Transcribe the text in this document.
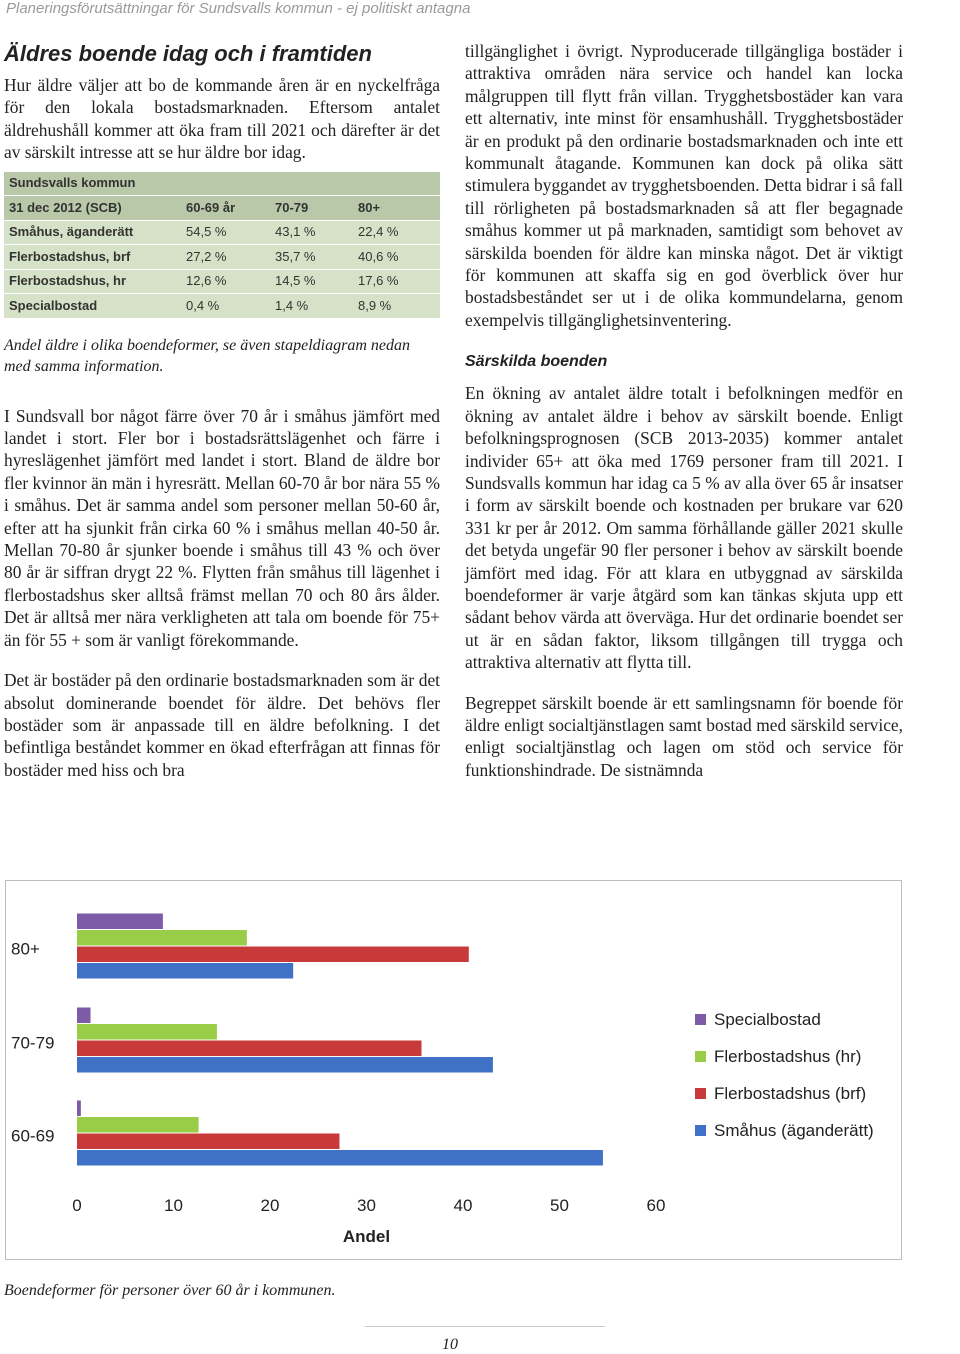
Planeringsförutsättningar för Sundsvalls kommun - ej politiskt antagna
Äldres boende idag och i framtiden

Hur äldre väljer att bo de kommande åren är en nyckelfråga för den lokala bostadsmarknaden. Eftersom antalet äldrehushåll kommer att öka fram till 2021 och därefter är det av särskilt intresse att se hur äldre bor idag.

Sundsvalls kommun			
31 dec 2012 (SCB)	60-69 år	70-79	80+
Småhus, äganderätt	54,5 %	43,1 %	22,4 %
Flerbostadshus, brf	27,2 %	35,7 %	40,6 %
Flerbostadshus, hr	12,6 %	14,5 %	17,6 %
Specialbostad	0,4 %	1,4 %	8,9 %

Andel äldre i olika boendeformer, se även stapeldiagram nedan med samma information.

I Sundsvall bor något färre över 70 år i småhus jämfört med landet i stort. Fler bor i bostadsrättslägenhet och färre i hyreslägenhet jämfört med landet i stort. Bland de äldre bor fler kvinnor än män i hyresrätt. Mellan 60-70 år bor nära 55 % i småhus. Det är samma andel som personer mellan 50-60 år, efter att ha sjunkit från cirka 60 % i småhus mellan 40-50 år. Mellan 70-80 år sjunker boende i småhus till 43 % och över 80 år är siffran drygt 22 %. Flytten från småhus till lägenhet i flerbostadshus sker alltså främst mellan 70 och 80 års ålder. Det är alltså mer nära verkligheten att tala om boende för 75+ än för 55 + som är vanligt förekommande.

Det är bostäder på den ordinarie bostadsmarknaden som är det absolut dominerande boendet för äldre. Det behövs fler bostäder som är anpassade till en äldre befolkning. I det befintliga beståndet kommer en ökad efterfrågan att finnas för bostäder med hiss och bra

tillgänglighet i övrigt. Nyproducerade tillgängliga bostäder i attraktiva områden nära service och handel kan locka målgruppen till flytt från villan. Trygghetsbostäder kan vara ett alternativ, inte minst för ensamhushåll. Trygghetsbostäder är en produkt på den ordinarie bostadsmarknaden och inte ett kommunalt åtagande. Kommunen kan dock på olika sätt stimulera byggandet av trygghetsboenden. Detta bidrar i så fall till rörligheten på bostadsmarknaden så att fler begagnade småhus kommer ut på marknaden, samtidigt som behovet av särskilda boenden för äldre kan minska något. Det är viktigt för kommunen att skaffa sig en god överblick över hur bostadsbeståndet ser ut i de olika kommundelarna, genom exempelvis tillgänglighetsinventering.

Särskilda boenden

En ökning av antalet äldre totalt i befolkningen medför en ökning av antalet äldre i behov av särskilt boende. Enligt befolkningsprognosen (SCB 2013-2035) kommer antalet individer 65+ att öka med 1769 personer fram till 2021. I Sundsvalls kommun har idag ca 5 % av alla över 65 år insatser i form av särskilt boende och kostnaden per brukare var 620 331 kr per år 2012. Om samma förhållande gäller 2021 skulle det betyda ungefär 90 fler personer i behov av särskilt boende jämfört med idag. För att klara en utbyggnad av särskilda boendeformer är varje åtgärd som kan tänkas skjuta upp ett sådant behov värda att överväga. Hur det ordinarie boendet ser ut är en sådan faktor, liksom tillgången till trygga och attraktiva alternativ att flytta till.

Begreppet särskilt boende är ett samlingsnamn för boende för äldre enligt socialtjänstlagen samt bostad med särskild service, enligt socialtjänstlag och lagen om stöd och service för funktionshindrade. De sistnämnda

80+
70-79
60-69
0	10	20	30	40	50	60
Andel
Specialbostad
Flerbostadshus (hr)
Flerbostadshus (brf)
Småhus (äganderätt)
Boendeformer för personer över 60 år i kommunen.
10
